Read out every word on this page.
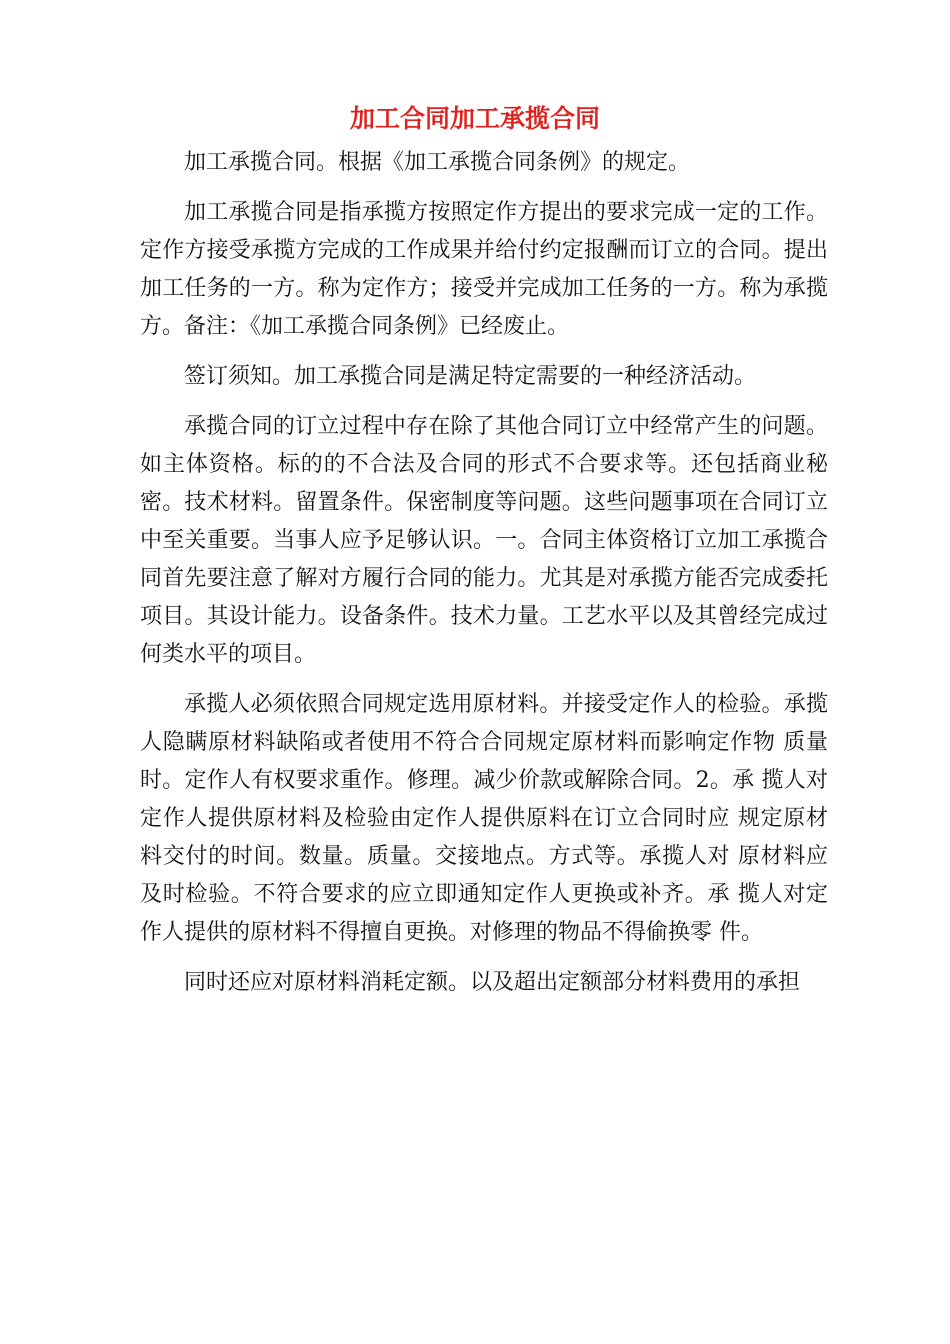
加工合同加工承揽合同

加工承揽合同。根据《加工承揽合同条例》的规定。

加工承揽合同是指承揽方按照定作方提出的要求完成一定的工作。定作方接受承揽方完成的工作成果并给付约定报酬而订立的合同。提出加工任务的一方。称为定作方；接受并完成加工任务的一方。称为承揽方。备注：《加工承揽合同条例》已经废止。

签订须知。加工承揽合同是满足特定需要的一种经济活动。

承揽合同的订立过程中存在除了其他合同订立中经常产生的问题。如主体资格。标的的不合法及合同的形式不合要求等。还包括商业秘密。技术材料。留置条件。保密制度等问题。这些问题事项在合同订立中至关重要。当事人应予足够认识。一。合同主体资格订立加工承揽合同首先要注意了解对方履行合同的能力。尤其是对承揽方能否完成委托项目。其设计能力。设备条件。技术力量。工艺水平以及其曾经完成过何类水平的项目。

承揽人必须依照合同规定选用原材料。并接受定作人的检验。承揽人隐瞒原材料缺陷或者使用不符合合同规定原材料而影响定作物 质量时。定作人有权要求重作。修理。减少价款或解除合同。2。承 揽人对定作人提供原材料及检验由定作人提供原料在订立合同时应 规定原材料交付的时间。数量。质量。交接地点。方式等。承揽人对 原材料应及时检验。不符合要求的应立即通知定作人更换或补齐。承 揽人对定作人提供的原材料不得擅自更换。对修理的物品不得偷换零 件。

同时还应对原材料消耗定额。以及超出定额部分材料费用的承担
